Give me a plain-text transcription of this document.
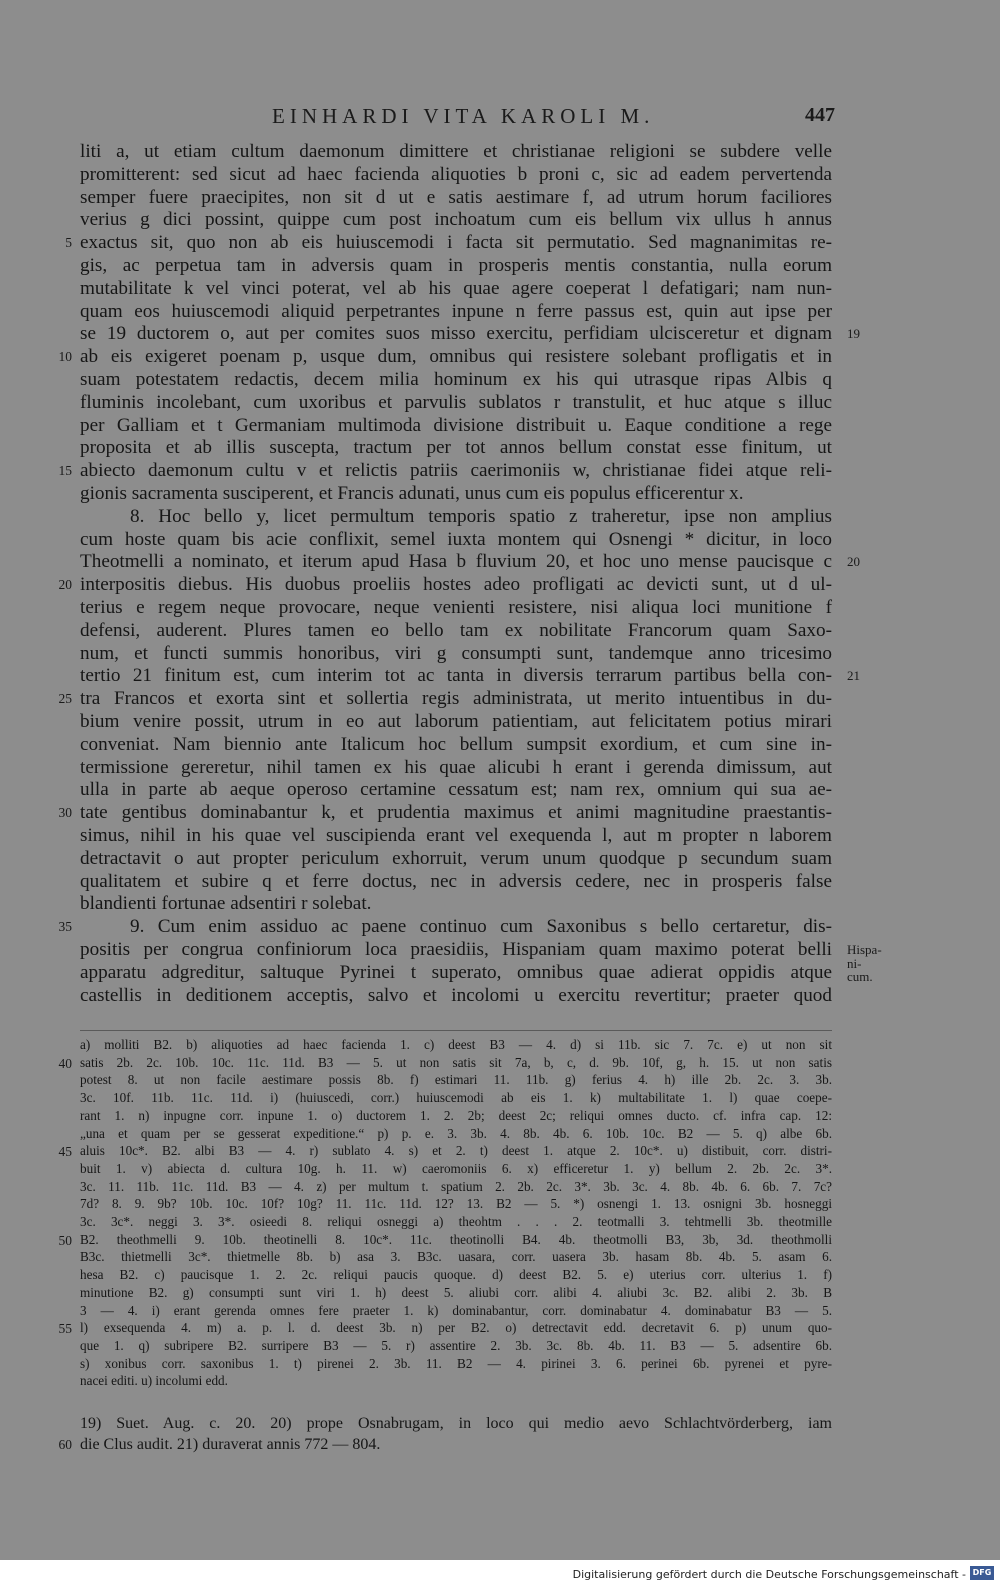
EINHARDI VITA KAROLI M.	447
liti a, ut etiam cultum daemonum dimittere et christianae religioni se subdere velle
promitterent: sed sicut ad haec facienda aliquoties b proni c, sic ad eadem pervertenda
semper fuere praecipites, non sit d ut e satis aestimare f, ad utrum horum faciliores
verius g dici possint, quippe cum post inchoatum cum eis bellum vix ullus h annus
exactus sit, quo non ab eis huiuscemodi i facta sit permutatio. Sed magnanimitas re-
5
gis, ac perpetua tam in adversis quam in prosperis mentis constantia, nulla eorum
mutabilitate k vel vinci poterat, vel ab his quae agere coeperat l defatigari; nam nun-
quam eos huiuscemodi aliquid perpetrantes inpune n ferre passus est, quin aut ipse per
se 19 ductorem o, aut per comites suos misso exercitu, perfidiam ulcisceretur et dignam
ab eis exigeret poenam p, usque dum, omnibus qui resistere solebant profligatis et in
10
suam potestatem redactis, decem milia hominum ex his qui utrasque ripas Albis q
fluminis incolebant, cum uxoribus et parvulis sublatos r transtulit, et huc atque s illuc
per Galliam et t Germaniam multimoda divisione distribuit u. Eaque conditione a rege
proposita et ab illis suscepta, tractum per tot annos bellum constat esse finitum, ut
abiecto daemonum cultu v et relictis patriis caerimoniis w, christianae fidei atque reli-
15
gionis sacramenta susciperent, et Francis adunati, unus cum eis populus efficerentur x.
8. Hoc bello y, licet permultum temporis spatio z traheretur, ipse non amplius
cum hoste quam bis acie conflixit, semel iuxta montem qui Osnengi * dicitur, in loco
Theotmelli a nominato, et iterum apud Hasa b fluvium 20, et hoc uno mense paucisque c
interpositis diebus. His duobus proeliis hostes adeo profligati ac devicti sunt, ut d ul-
20
terius e regem neque provocare, neque venienti resistere, nisi aliqua loci munitione f
defensi, auderent. Plures tamen eo bello tam ex nobilitate Francorum quam Saxo-
num, et functi summis honoribus, viri g consumpti sunt, tandemque anno tricesimo
tertio 21 finitum est, cum interim tot ac tanta in diversis terrarum partibus bella con-
tra Francos et exorta sint et sollertia regis administrata, ut merito intuentibus in du-
25
bium venire possit, utrum in eo aut laborum patientiam, aut felicitatem potius mirari
conveniat. Nam biennio ante Italicum hoc bellum sumpsit exordium, et cum sine in-
termissione gereretur, nihil tamen ex his quae alicubi h erant i gerenda dimissum, aut
ulla in parte ab aeque operoso certamine cessatum est; nam rex, omnium qui sua ae-
tate gentibus dominabantur k, et prudentia maximus et animi magnitudine praestantis-
30
simus, nihil in his quae vel suscipienda erant vel exequenda l, aut m propter n laborem
detractavit o aut propter periculum exhorruit, verum unum quodque p secundum suam
qualitatem et subire q et ferre doctus, nec in adversis cedere, nec in prosperis false
blandienti fortunae adsentiri r solebat.
9. Cum enim assiduo ac paene continuo cum Saxonibus s bello certaretur, dis-
35
positis per congrua confiniorum loca praesidiis, Hispaniam quam maximo poterat belli
apparatu adgreditur, saltuque Pyrinei t superato, omnibus quae adierat oppidis atque
castellis in deditionem acceptis, salvo et incolomi u exercitu revertitur; praeter quod
19
20
21
Hispa-
ni-
cum.
a) molliti B2. b) aliquoties ad haec facienda 1. c) deest B3 — 4. d) si 11b. sic 7. 7c. e) ut non sit
satis 2b. 2c. 10b. 10c. 11c. 11d. B3 — 5. ut non satis sit 7a, b, c, d. 9b. 10f, g, h. 15. ut non satis
40
potest 8. ut non facile aestimare possis 8b. f) estimari 11. 11b. g) ferius 4. h) ille 2b. 2c. 3. 3b.
3c. 10f. 11b. 11c. 11d. i) (huiuscedi, corr.) huiuscemodi ab eis 1. k) multabilitate 1. l) quae coepe-
rant 1. n) inpugne corr. inpune 1. o) ductorem 1. 2. 2b; deest 2c; reliqui omnes ducto. cf. infra cap. 12:
„una et quam per se gesserat expeditione.“ p) p. e. 3. 3b. 4. 8b. 4b. 6. 10b. 10c. B2 — 5. q) albe 6b.
aluis 10c*. B2. albi B3 — 4. r) sublato 4. s) et 2. t) deest 1. atque 2. 10c*. u) distibuit, corr. distri-
45
buit 1. v) abiecta d. cultura 10g. h. 11. w) caeromoniis 6. x) efficeretur 1. y) bellum 2. 2b. 2c. 3*.
3c. 11. 11b. 11c. 11d. B3 — 4. z) per multum t. spatium 2. 2b. 2c. 3*. 3b. 3c. 4. 8b. 4b. 6. 6b. 7. 7c?
7d? 8. 9. 9b? 10b. 10c. 10f? 10g? 11. 11c. 11d. 12? 13. B2 — 5. *) osnengi 1. 13. osnigni 3b. hosneggi
3c. 3c*. neggi 3. 3*. osieedi 8. reliqui osneggi a) theohtm . . . 2. teotmalli 3. tehtmelli 3b. theotmille
B2. theothmelli 9. 10b. theotinelli 8. 10c*. 11c. theotinolli B4. 4b. theotmolli B3, 3b, 3d. theothmolli
50
B3c. thietmelli 3c*. thietmelle 8b. b) asa 3. B3c. uasara, corr. uasera 3b. hasam 8b. 4b. 5. asam 6.
hesa B2. c) paucisque 1. 2. 2c. reliqui paucis quoque. d) deest B2. 5. e) uterius corr. ulterius 1. f)
minutione B2. g) consumpti sunt viri 1. h) deest 5. aliubi corr. alibi 4. aliubi 3c. B2. alibi 2. 3b. B
3 — 4. i) erant gerenda omnes fere praeter 1. k) dominabantur, corr. dominabatur 4. dominabatur B3 — 5.
l) exsequenda 4. m) a. p. l. d. deest 3b. n) per B2. o) detrectavit edd. decretavit 6. p) unum quo-
55
que 1. q) subripere B2. surripere B3 — 5. r) assentire 2. 3b. 3c. 8b. 4b. 11. B3 — 5. adsentire 6b.
s) xonibus corr. saxonibus 1. t) pirenei 2. 3b. 11. B2 — 4. pirinei 3. 6. perinei 6b. pyrenei et pyre-
nacei editi. u) incolumi edd.
19) Suet. Aug. c. 20. 20) prope Osnabrugam, in loco qui medio aevo Schlachtvörderberg, iam
die Clus audit. 21) duraverat annis 772 — 804.
60
Digitalisierung gefördert durch die Deutsche Forschungsgemeinschaft - DFG
